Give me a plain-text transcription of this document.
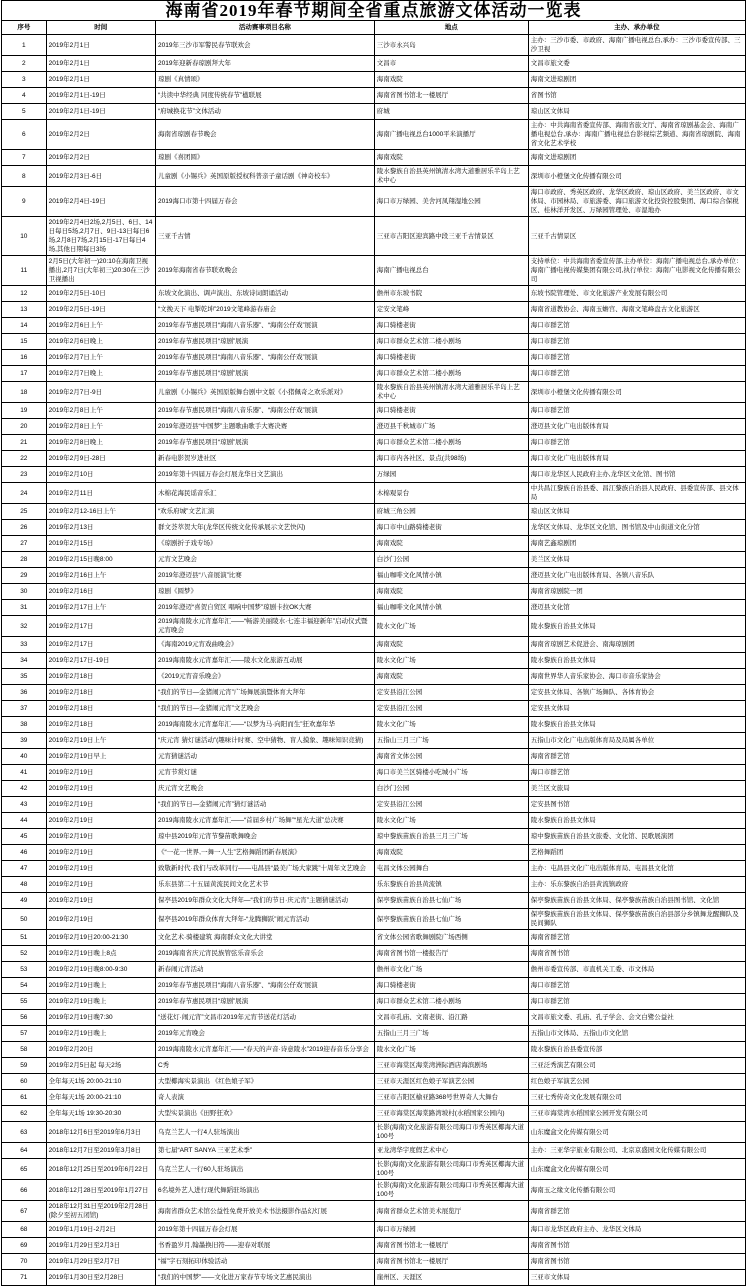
海南省2019年春节期间全省重点旅游文体活动一览表				
序号	时间	活动赛事项目名称	地点	主办、承办单位
1	2019年2月1日	2019年三沙市军警民春节联欢会	三沙市永兴岛	主办：三沙市委、市政府、海南广播电视总台,承办：三沙市委宣传部、三沙卫视
2	2019年2月1日	2019年迎新春琼剧拜大年	文昌市	文昌市旅文委
3	2019年2月1日	琼剧《真情颂》	海南戏院	海南文进琼剧团
4	2019年2月1日-19日	“共读中华经典 同度传统春节”楹联展	海南省图书馆北一楼展厅	省图书馆
5	2019年2月1日-19日	“府城换花节”文体活动	府城	琼山区文体局
6	2019年2月2日	海南省琼剧春节晚会	海南广播电视总台1000平米演播厅	主办：中共海南省委宣传部、海南省旅文厅、海南省琼剧基金会、海南广播电视总台,承办：海南广播电视总台影视综艺频道、海南省琼剧院、海南省文化艺术学校
7	2019年2月2日	琼剧《喜团圆》	海南戏院	海南文进琼剧团
8	2019年2月3日-6日	儿童剧《小锡兵》英国原版授权科普亲子童话剧《神奇校车》	陵水黎族自治县英州镇清水湾大道雅居乐半岛上艺术中心	深圳市小橙堡文化传播有限公司
9	2019年2月4日-19日	2019海口市第十四届万春会	海口市万绿园、美舍河凤翔湿地公园	海口市政府、秀英区政府、龙华区政府、琼山区政府、美兰区政府、市文体局、市园林局、市旅游委、海口旅游文化投资控股集团、海口综合保税区、桂林洋开发区、万绿园管理处、市湿地办
10	2019年2月4日2场,2月5日、6日、14日每日5场,2月7日、9日-13日每日6场,2月8日7场,2月15日-17日每日4场,其他日期每日3场	三亚千古情	三亚市吉阳区迎宾路中段三亚千古情景区	三亚千古情景区
11	2月5日(大年初一)20:10在海南卫视播出,2月7日(大年初三)20:30在三沙卫视播出	2019年海南省春节联欢晚会	海南广播电视总台	支持单位：中共海南省委宣传部,主办单位：海南广播电视总台,承办单位：海南广播电视传媒集团有限公司,执行单位：海南广电影视文化传播有限公司
12	2019年2月5日-10日	东坡文化演出、调声演出、东坡诗词朗诵活动	儋州市东坡书院	东坡书院管理处、市文化旅游产业发展有限公司
13	2019年2月5日-19日	“文挽天下 电掣乾坤”2019文笔峰游春庙会	定安文笔峰	海南省道教协会、海南玉蟾宫、海南文笔峰盘古文化旅游区
14	2019年2月6日上午	2019年春节惠民项目“海南八音乐器”、“海南公仔戏”展演	海口骑楼老街	海口市群艺馆
15	2019年2月6日晚上	2019年春节惠民项目“琼剧”展演	海口市群众艺术馆二楼小剧场	海口市群艺馆
16	2019年2月7日上午	2019年春节惠民项目“海南八音乐器”、“海南公仔戏”展演	海口骑楼老街	海口市群艺馆
17	2019年2月7日晚上	2019年春节惠民项目“琼剧”展演	海口市群众艺术馆二楼小剧场	海口市群艺馆
18	2019年2月7日-9日	儿童剧《小锡兵》英国原版舞台剧中文版《小猪佩奇之欢乐派对》	陵水黎族自治县英州镇清水湾大道雅居乐半岛上艺术中心	深圳市小橙堡文化传播有限公司
19	2019年2月8日上午	2019年春节惠民项目“海南八音乐器”、“海南公仔戏”展演	海口骑楼老街	海口市群艺馆
20	2019年2月8日上午	2019年澄迈县“中国梦”主题歌曲歌手大赛决赛	澄迈县千秋城市广场	澄迈县文化广电出版体育局
21	2019年2月8日晚上	2019年春节惠民项目“琼剧”展演	海口市群众艺术馆二楼小剧场	海口市群艺馆
22	2019年2月9日-28日	新春电影贺岁进社区	海口市内各社区、景点(共98场)	海口市文化广电出版体育局
23	2019年2月10日	2019年第十四届万春会灯展龙华日文艺演出	万绿园	海口市龙华区人民政府主办,龙华区文化馆、图书馆
24	2019年2月11日	木棉花海民谣音乐汇	木棉观景台	中共昌江黎族自治县委、昌江黎族自治县人民政府、县委宣传部、县文体局
25	2019年2月12-16日上午	“欢乐府城”文艺汇演	府城三角公园	琼山区文体局
26	2019年2月13日	群文荟萃贺大年(龙华区传统文化传承展示文艺快闪)	海口市中山路骑楼老街	龙华区文体局、龙华区文化馆、图书馆及中山街道文化分馆
27	2019年2月15日	《琼剧折子戏专场》	海南戏院	海南艺鑫琼剧团
28	2019年2月15日晚8:00	元宵文艺晚会	白沙门公园	美兰区文体局
29	2019年2月16日上午	2019年澄迈县“八音展演”比赛	福山咖啡文化风情小镇	澄迈县文化广电出版体育局、各镇八音乐队
30	2019年2月16日	琼剧《圆梦》	海南戏院	海南省琼剧院一团
31	2019年2月17日上午	2019年澄迈“喜贺自贸区 唱响中国梦”琼剧卡拉OK大赛	福山咖啡文化风情小镇	澄迈县文化馆
32	2019年2月17日	2019海南陵水元宵嘉年汇——“畅游美丽陵水·七连丰福迎新年”启动仪式暨元宵晚会	陵水文化广场	陵水黎族自治县文体局
33	2019年2月17日	《海南2019元宵戏曲晚会》	海南戏院	海南省琼剧艺术促进会、南海琼剧团
34	2019年2月17日-19日	2019海南陵水元宵嘉年汇——陵水文化旅游互动展	陵水文化广场	陵水黎族自治县文体局
35	2019年2月18日	《2019元宵音乐晚会》	海南戏院	海南世界华人音乐家协会、海口市音乐家协会
36	2019年2月18日	“我们的节日—金猪闹元宵”广场舞展演暨体育大拜年	定安县沿江公园	定安县文体局、各镇广场舞队、各体育协会
37	2019年2月18日	“我们的节日—金猪闹元宵”文艺晚会	定安县沿江公园	定安县文体局
38	2019年2月18日	2019海南陵水元宵嘉年汇——“以梦为马·向阳而生”狂欢嘉年华	陵水文化广场	陵水黎族自治县文体局
39	2019年2月19日上午	“庆元宵 猜灯谜活动”(趣味计时赛、空中猜物、盲人摸象、趣味知识竞猜)	五指山三月三广场	五指山市文化广电出版体育局及局属各单位
40	2019年2月19日早上	元宵猜谜活动	海南省文体公园	海南省群艺馆
41	2019年2月19日	元宵节赏灯谜	海口市美兰区骑楼小吃城小广场	海口市群艺馆
42	2019年2月19日	庆元宵文艺晚会	白沙门公园	美兰区文旅局
43	2019年2月19日	“我们的节日—金猪闹元宵”猜灯谜活动	定安县沿江公园	定安县图书馆
44	2019年2月19日	2019海南陵水元宵嘉年汇——“首届乡村广场舞”“星光大道”总决赛	陵水文化广场	陵水黎族自治县文体局
45	2019年2月19日	琼中县2019年元宵节黎苗歌舞晚会	琼中黎族苗族自治县三月三广场	琼中黎族苗族自治县文旅委、文化馆、民歌展演团
46	2019年2月19日	《“一花一世界,一舞一人生”艺格舞蹈团新春展演》	海南戏院	艺格舞蹈团
47	2019年2月19日	致敬新时代·我们与改革同行——屯昌县“最美广场大家跳”十周年文艺晚会	屯昌文体公园舞台	主办：屯昌县文化广电出版体育局、屯昌县文化馆
48	2019年2月19日	乐东县第二十五届黄流民间文化艺术节	乐东黎族自治县黄流镇	主办：乐东黎族自治县黄流镇政府
49	2019年2月19日	保亭县2019年群众文化大拜年—“我们的节日·庆元宵”主题猜谜活动	保亭黎族苗族自治县七仙广场	保亭黎族苗族自治县文体局、保亭黎族苗族自治县图书馆、文化馆
50	2019年2月19日	保亭县2019年群众体育大拜年-“龙腾狮跃”闹元宵活动	保亭黎族苗族自治县七仙广场	保亭黎族苗族自治县文体局、保亭黎族苗族自治县部分乡镇舞龙醒狮队及民间狮队
51	2019年2月19日20:00-21:30	文化艺术·骑楼建筑 海南群众文化大讲堂	省文体公园省歌舞剧院广场西侧	海南省群艺馆
52	2019年2月19日晚上8点	2019海南省庆元宵民族管弦乐音乐会	海南省图书馆一楼报告厅	海南省图书馆
53	2019年2月19日晚8:00-9:30	新春闹元宵活动	儋州市文化广场	儋州市委宣传部、市直机关工委、市文体局
54	2019年2月19日晚上	2019年春节惠民项目“海南八音乐器”、“海南公仔戏”展演	海口骑楼老街	海口市群艺馆
55	2019年2月19日晚上	2019年春节惠民项目“琼剧”展演	海口市群众艺术馆二楼小剧场	海口市群艺馆
56	2019年2月19日晚7:30	“送花灯·闹元宵”文昌市2019年元宵节送花灯活动	文昌市孔庙、文南老街、沿江路	文昌市旅文委、孔庙、孔子学会、会文白鹭公益社
57	2019年2月19日晚上	2019年元宵晚会	五指山三月三广场	五指山市文体局、五指山市文化馆
58	2019年2月20日	2019海南陵水元宵嘉年汇——“春天的声音·诗意陵水”2019迎春音乐分享会	陵水文化广场	陵水黎族自治县委宣传部
59	2019年2月5日起 每天2场	C秀	三亚市海棠区海棠湾洲际酒店海滨剧场	三亚泛秀演艺有限公司
60	全年每天1场 20:00-21:10	大型椰海实景演出 《红色娘子军》	三亚市天涯区红色娘子军演艺公园	红色娘子军演艺公园
61	全年每天1场 20:00-21:10	奇人表演	三亚市吉阳区榆亚路368号世界奇人大舞台	三亚七秀传奇文化发展有限公司
62	全年每天1场 19:30-20:30	大型实景演出《田野狂欢》	三亚市海棠区海棠路湾坡村(水稻国家公园内)	三亚市海棠湾水稻国家公园开发有限公司
63	2018年12月6日至2019年6月3日	乌克兰艺人一行4人驻场演出	长影(海南)文化旅游有限公司海口市秀英区椰海大道100号	山东魔盒文化传媒有限公司
64	2018年12月7日至2019年3月8日	第七届“ART SANYA 三亚艺术季”	亚龙湾华宇度假艺术中心	主办：三亚华宇旅业有限公司、北京京盛园文化传媒有限公司
65	2018年12月25日至2019年6月22日	乌克兰艺人一行60人驻场演出	长影(海南)文化旅游有限公司海口市秀英区椰海大道100号	山东魔盒文化传媒有限公司
66	2018年12月28日至2019年1月27日	6名境外艺人进行现代舞蹈驻场演出	长影(海南)文化旅游有限公司海口市秀英区椰海大道100号	海南玉之缘文化传播有限公司
67	2018年12月31日至2019年2月28日(除夕至初五闭馆)	海南省群众艺术馆公益性免费开放美术书法摄影作品幻灯展	海南省群众艺术馆美术展览厅	海南省群艺馆
68	2019年1月19日-2月2日	2019年第十四届万春会灯展	海口市万绿园	海口市龙华区政府主办、龙华区文体局
69	2019年1月29日至2月3日	书香盈岁月,翰墨换旧符——迎春对联展	海南省图书馆北一楼展厅	海南省图书馆
70	2019年1月29日至2月7日	“福”字石刻拓印体验活动	海南省图书馆北一楼展厅	海南省图书馆
71	2019年1月30日至2月28日	“我们的中国梦”——文化进万家春节专场文艺惠民演出	崖州区、天涯区	三亚市文体局
